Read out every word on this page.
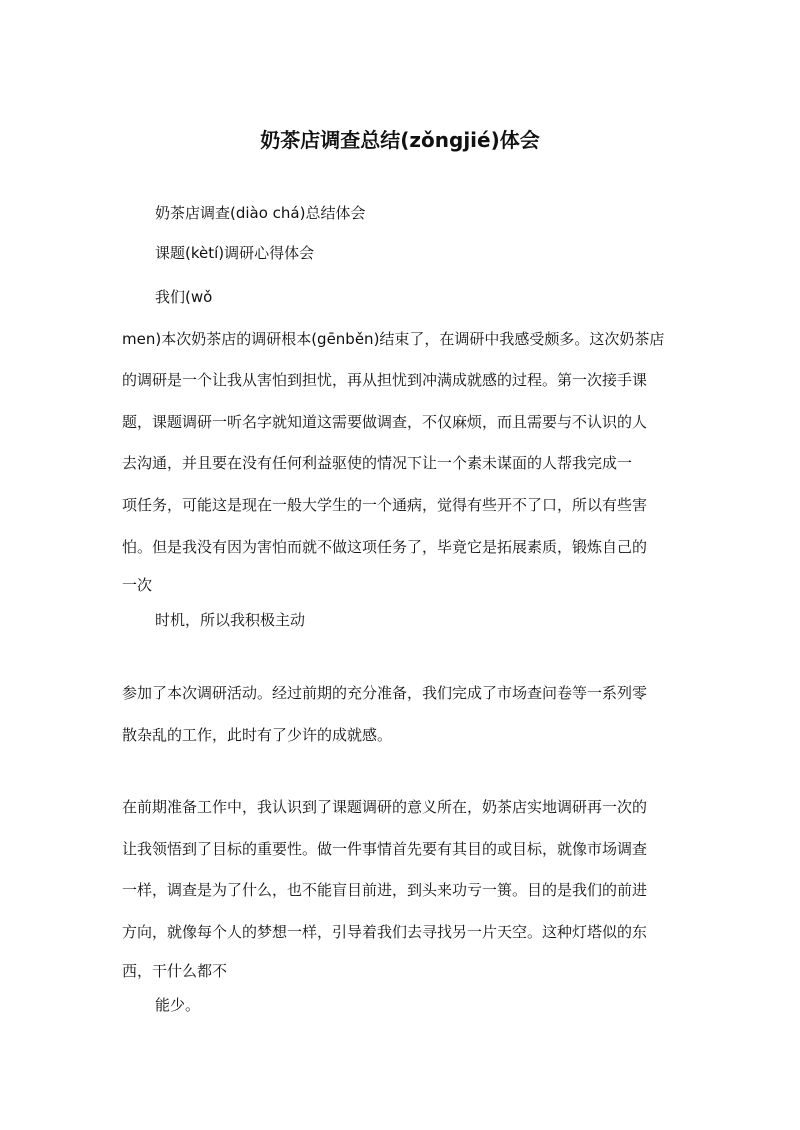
奶茶店调查总结(zǒngjié)体会
奶茶店调查(diào chá)总结体会
课题(kètí)调研心得体会
我们(wǒ
men)本次奶茶店的调研根本(gēnběn)结束了，在调研中我感受颇多。这次奶茶店
的调研是一个让我从害怕到担忧，再从担忧到冲满成就感的过程。第一次接手课
题，课题调研一听名字就知道这需要做调查，不仅麻烦，而且需要与不认识的人
去沟通，并且要在没有任何利益驱使的情况下让一个素未谋面的人帮我完成一
项任务，可能这是现在一般大学生的一个通病，觉得有些开不了口，所以有些害
怕。但是我没有因为害怕而就不做这项任务了，毕竟它是拓展素质，锻炼自己的
一次
时机，所以我积极主动
参加了本次调研活动。经过前期的充分准备，我们完成了市场查问卷等一系列零
散杂乱的工作，此时有了少许的成就感。
在前期准备工作中，我认识到了课题调研的意义所在，奶茶店实地调研再一次的
让我领悟到了目标的重要性。做一件事情首先要有其目的或目标，就像市场调查
一样，调查是为了什么，也不能盲目前进，到头来功亏一篑。目的是我们的前进
方向，就像每个人的梦想一样，引导着我们去寻找另一片天空。这种灯塔似的东
西，干什么都不
能少。
